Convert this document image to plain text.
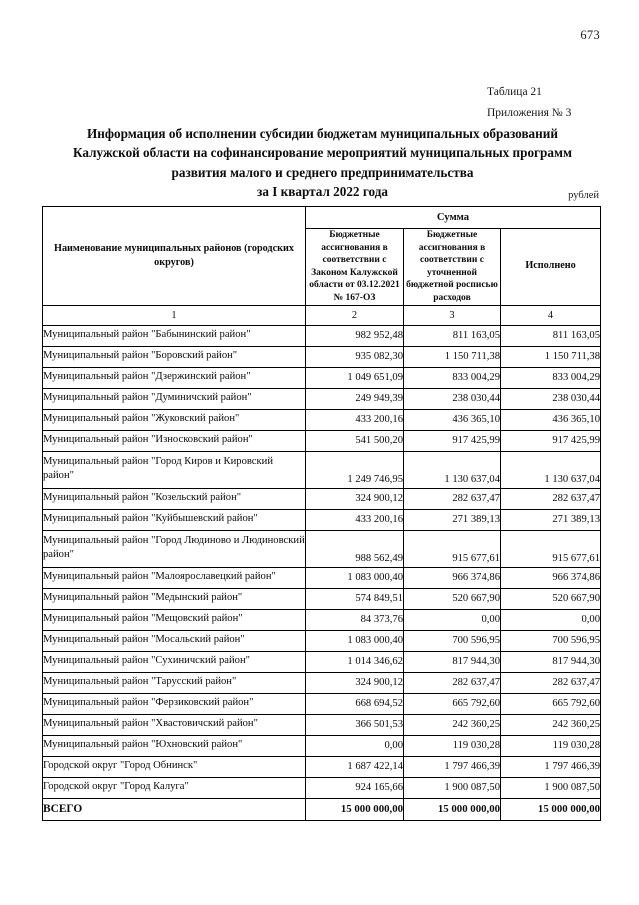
673
Таблица 21
Приложения № 3
Информация об исполнении субсидии бюджетам муниципальных образований
Калужской области на софинансирование мероприятий муниципальных программ
развития малого и среднего предпринимательства
за I квартал 2022 года	рублей
Наименование муниципальных районов (городских округов)	Сумма		
	Бюджетные ассигнования в соответствии с Законом Калужской области от 03.12.2021 № 167-ОЗ	Бюджетные ассигнования в соответствии с уточненной бюджетной росписью расходов	Исполнено
1	2	3	4
Муниципальный район "Бабынинский район"	982 952,48	811 163,05	811 163,05
Муниципальный район "Боровский район"	935 082,30	1 150 711,38	1 150 711,38
Муниципальный район "Дзержинский район"	1 049 651,09	833 004,29	833 004,29
Муниципальный район "Думиничский район"	249 949,39	238 030,44	238 030,44
Муниципальный район "Жуковский район"	433 200,16	436 365,10	436 365,10
Муниципальный район "Износковский район"	541 500,20	917 425,99	917 425,99
Муниципальный район "Город Киров и Кировский район"	1 249 746,95	1 130 637,04	1 130 637,04
Муниципальный район "Козельский район"	324 900,12	282 637,47	282 637,47
Муниципальный район "Куйбышевский район"	433 200,16	271 389,13	271 389,13
Муниципальный район "Город Людиново и Людиновский район"	988 562,49	915 677,61	915 677,61
Муниципальный район "Малоярославецкий район"	1 083 000,40	966 374,86	966 374,86
Муниципальный район "Медынский район"	574 849,51	520 667,90	520 667,90
Муниципальный район "Мещовский район"	84 373,76	0,00	0,00
Муниципальный район "Мосальский район"	1 083 000,40	700 596,95	700 596,95
Муниципальный район "Сухиничский район"	1 014 346,62	817 944,30	817 944,30
Муниципальный район "Тарусский район"	324 900,12	282 637,47	282 637,47
Муниципальный район "Ферзиковский район"	668 694,52	665 792,60	665 792,60
Муниципальный район "Хвастовичский район"	366 501,53	242 360,25	242 360,25
Муниципальный район "Юхновский район"	0,00	119 030,28	119 030,28
Городской округ "Город Обнинск"	1 687 422,14	1 797 466,39	1 797 466,39
Городской округ "Город Калуга"	924 165,66	1 900 087,50	1 900 087,50
ВСЕГО	15 000 000,00	15 000 000,00	15 000 000,00
